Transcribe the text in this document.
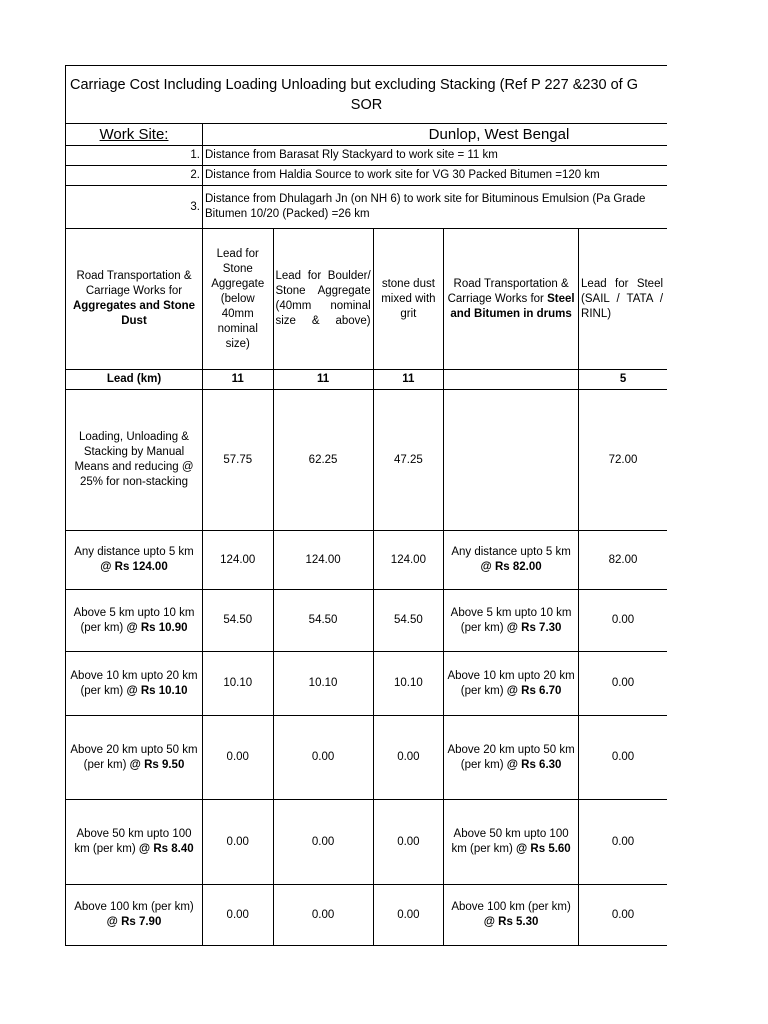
Carriage Cost Including Loading Unloading but excluding Stacking (Ref P 227 &230 of G
SOR					

Work Site:	Dunlop, West Bengal				
1.	Distance from Barasat Rly Stackyard to work site = 11 km				
2.	Distance from Haldia Source to work site for VG 30 Packed Bitumen =120 km				
3.	Distance from Dhulagarh Jn (on NH 6) to work site for Bituminous Emulsion (Pa Grade Bitumen 10/20 (Packed) =26 km				

Road Transportation & Carriage Works for
Aggregates and Stone Dust	Lead for Stone Aggregate (below 40mm nominal size)	Lead for Boulder/ Stone Aggregate (40mm nominal size & above)	stone dust mixed with grit	Road Transportation & Carriage Works for Steel and Bitumen in drums	Lead for Steel (SAIL / TATA / RINL)

Lead (km)	11	11	11		5
Loading, Unloading & Stacking by Manual Means and reducing @ 25% for non-stacking	57.75	62.25	47.25		72.00
Any distance upto 5 km
@ Rs 124.00	124.00	124.00	124.00	Any distance upto 5 km
@ Rs 82.00	82.00
Above 5 km upto 10 km (per km) @ Rs 10.90	54.50	54.50	54.50	Above 5 km upto 10 km (per km) @ Rs 7.30	0.00
Above 10 km upto 20 km (per km) @ Rs 10.10	10.10	10.10	10.10	Above 10 km upto 20 km (per km) @ Rs 6.70	0.00
Above 20 km upto 50 km (per km) @ Rs 9.50	0.00	0.00	0.00	Above 20 km upto 50 km (per km) @ Rs 6.30	0.00
Above 50 km upto 100 km (per km) @ Rs 8.40	0.00	0.00	0.00	Above 50 km upto 100 km (per km) @ Rs 5.60	0.00
Above 100 km (per km)
@ Rs 7.90	0.00	0.00	0.00	Above 100 km (per km)
@ Rs 5.30	0.00
